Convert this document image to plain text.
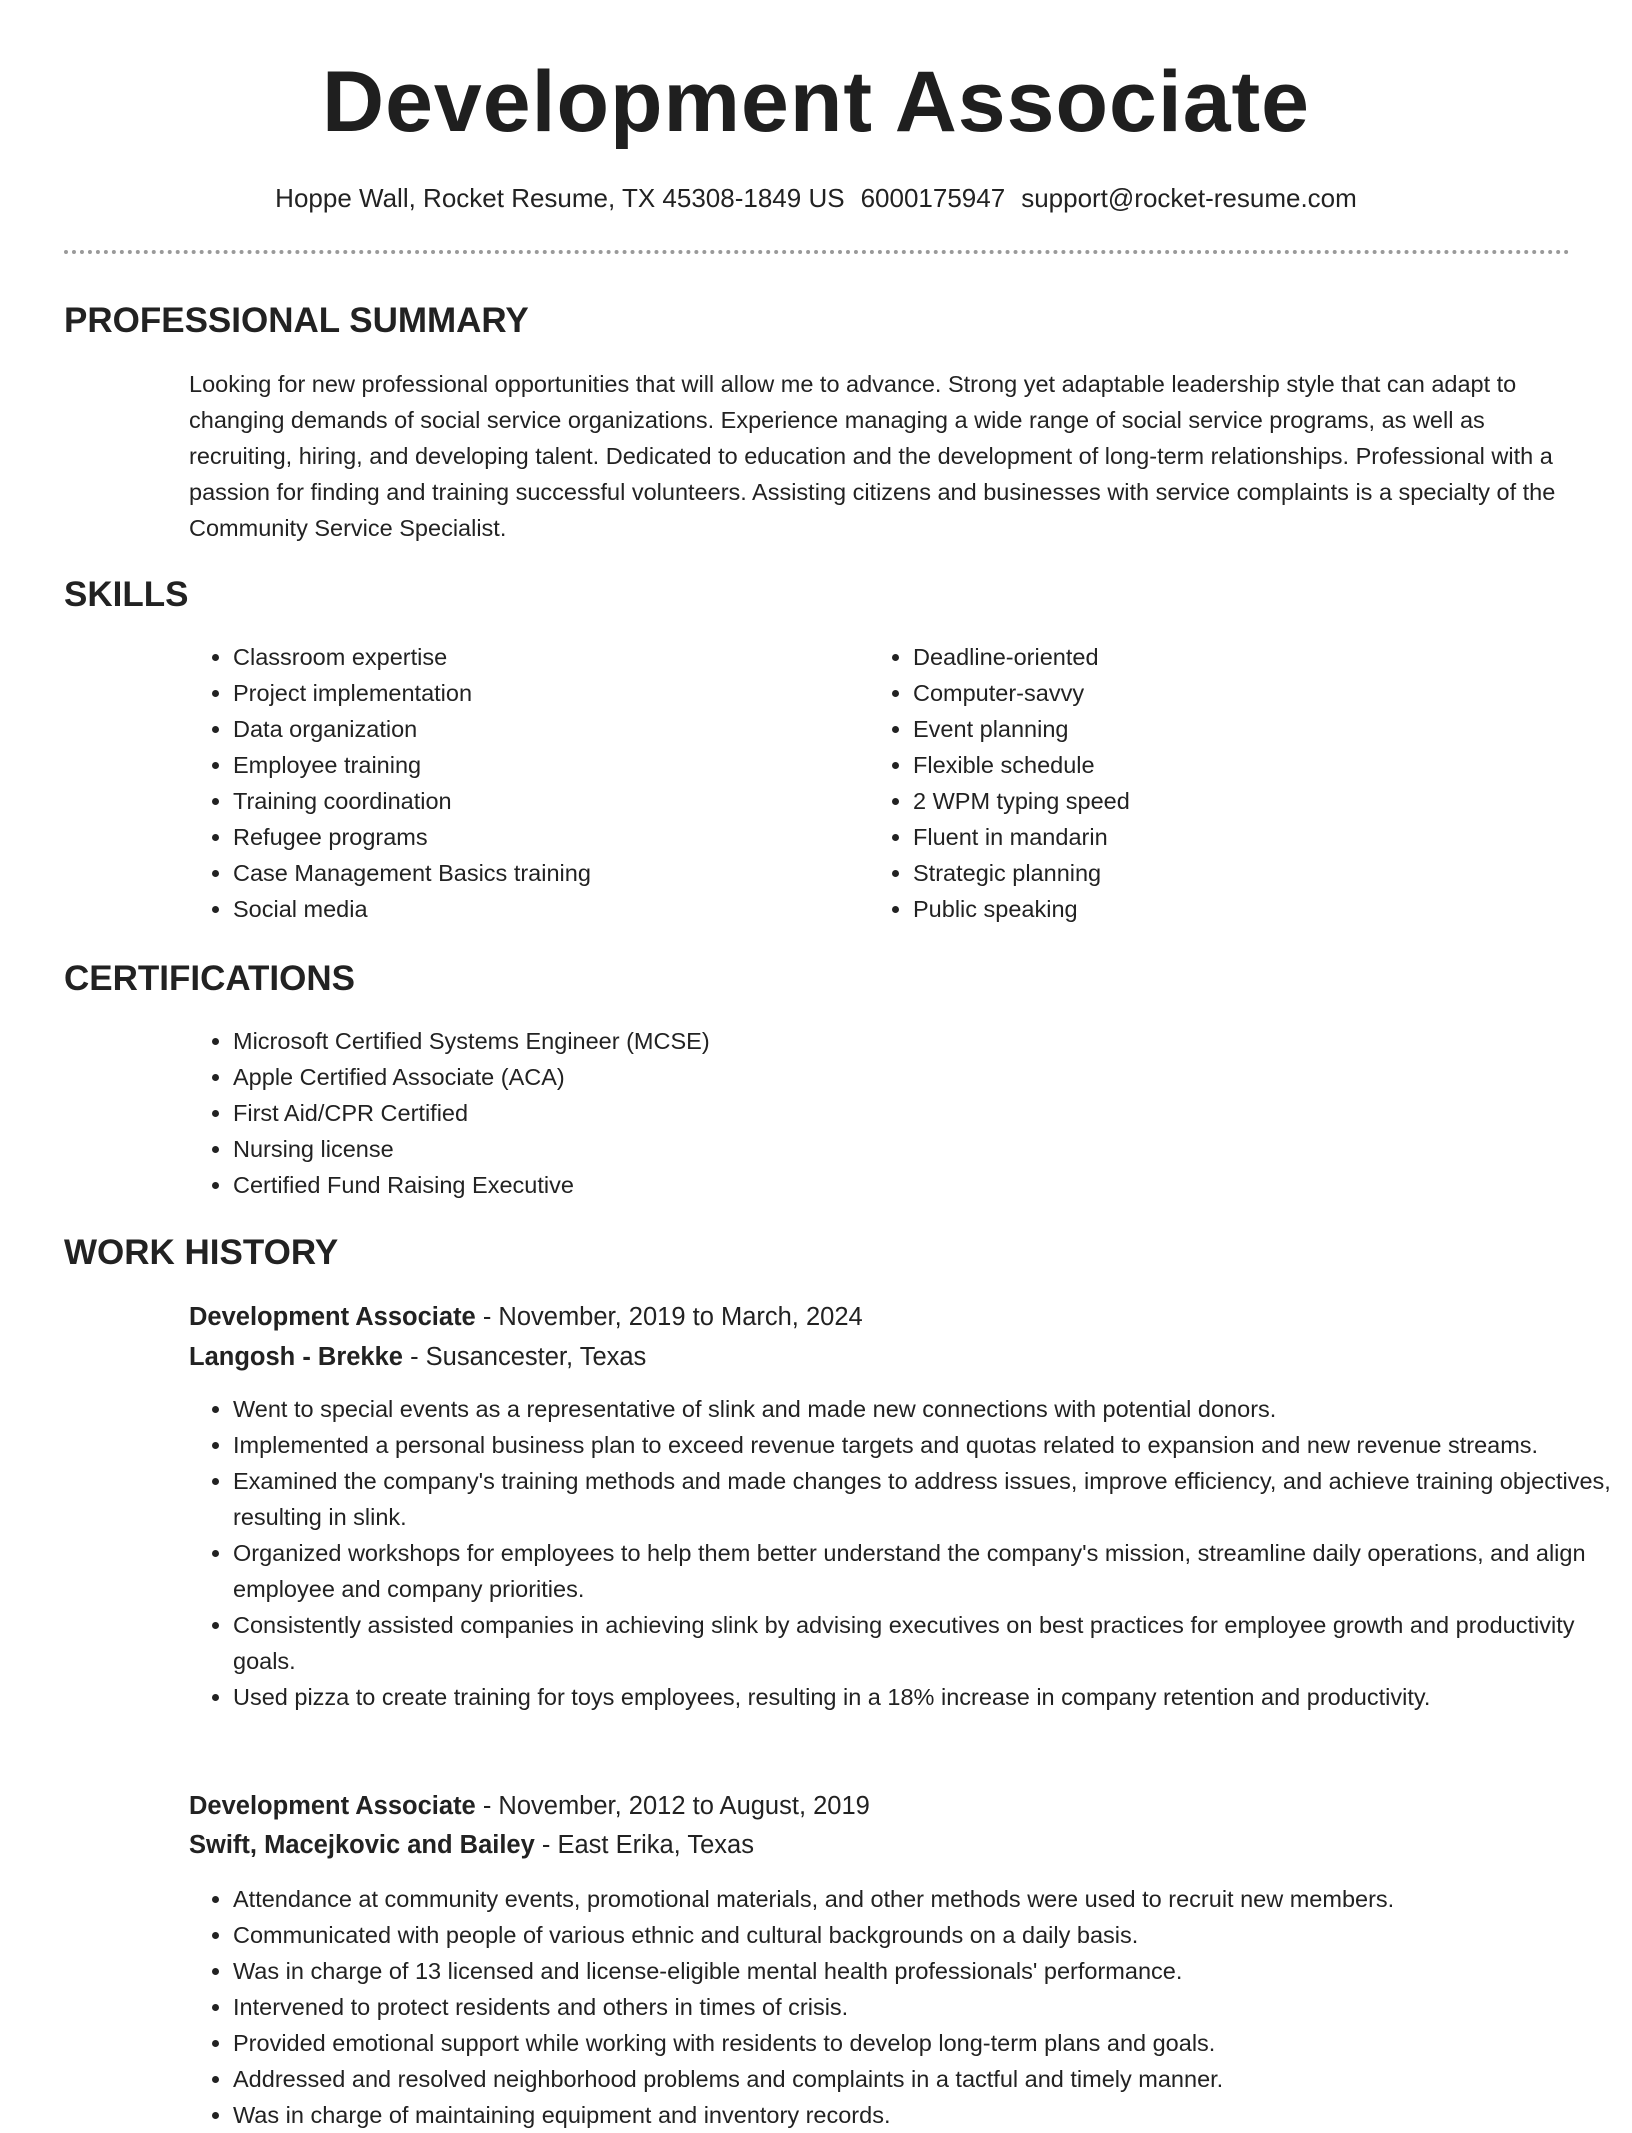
Development Associate
Hoppe Wall, Rocket Resume, TX 45308-1849 US 6000175947 support@rocket-resume.com
PROFESSIONAL SUMMARY

Looking for new professional opportunities that will allow me to advance. Strong yet adaptable leadership style that can adapt to changing demands of social service organizations. Experience managing a wide range of social service programs, as well as recruiting, hiring, and developing talent. Dedicated to education and the development of long-term relationships. Professional with a passion for finding and training successful volunteers. Assisting citizens and businesses with service complaints is a specialty of the Community Service Specialist.

SKILLS
• Classroom expertise
• Project implementation
• Data organization
• Employee training
• Training coordination
• Refugee programs
• Case Management Basics training
• Social media
• Deadline-oriented
• Computer-savvy
• Event planning
• Flexible schedule
• 2 WPM typing speed
• Fluent in mandarin
• Strategic planning
• Public speaking
CERTIFICATIONS
• Microsoft Certified Systems Engineer (MCSE)
• Apple Certified Associate (ACA)
• First Aid/CPR Certified
• Nursing license
• Certified Fund Raising Executive
WORK HISTORY
Development Associate - November, 2019 to March, 2024
Langosh - Brekke - Susancester, Texas
• Went to special events as a representative of slink and made new connections with potential donors.
• Implemented a personal business plan to exceed revenue targets and quotas related to expansion and new revenue streams.
• Examined the company's training methods and made changes to address issues, improve efficiency, and achieve training objectives, resulting in slink.
• Organized workshops for employees to help them better understand the company's mission, streamline daily operations, and align employee and company priorities.
• Consistently assisted companies in achieving slink by advising executives on best practices for employee growth and productivity goals.
• Used pizza to create training for toys employees, resulting in a 18% increase in company retention and productivity.
Development Associate - November, 2012 to August, 2019
Swift, Macejkovic and Bailey - East Erika, Texas
• Attendance at community events, promotional materials, and other methods were used to recruit new members.
• Communicated with people of various ethnic and cultural backgrounds on a daily basis.
• Was in charge of 13 licensed and license-eligible mental health professionals' performance.
• Intervened to protect residents and others in times of crisis.
• Provided emotional support while working with residents to develop long-term plans and goals.
• Addressed and resolved neighborhood problems and complaints in a tactful and timely manner.
• Was in charge of maintaining equipment and inventory records.
